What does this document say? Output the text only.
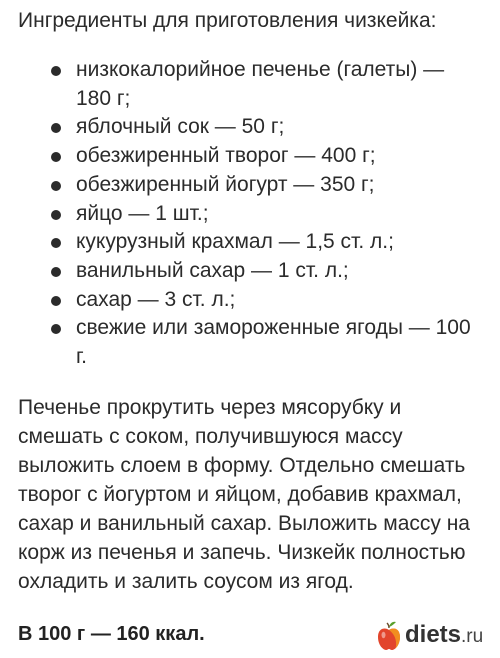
Ингредиенты для приготовления чизкейка:

низкокалорийное печенье (галеты) — 180 г;
яблочный сок — 50 г;
обезжиренный творог — 400 г;
обезжиренный йогурт — 350 г;
яйцо — 1 шт.;
кукурузный крахмал — 1,5 ст. л.;
ванильный сахар — 1 ст. л.;
сахар — 3 ст. л.;
свежие или замороженные ягоды — 100 г.

Печенье прокрутить через мясорубку и смешать с соком, получившуюся массу выложить слоем в форму. Отдельно смешать творог с йогуртом и яйцом, добавив крахмал, сахар и ванильный сахар. Выложить массу на корж из печенья и запечь. Чизкейк полностью охладить и залить соусом из ягод.

В 100 г — 160 ккал.	diets.ru
